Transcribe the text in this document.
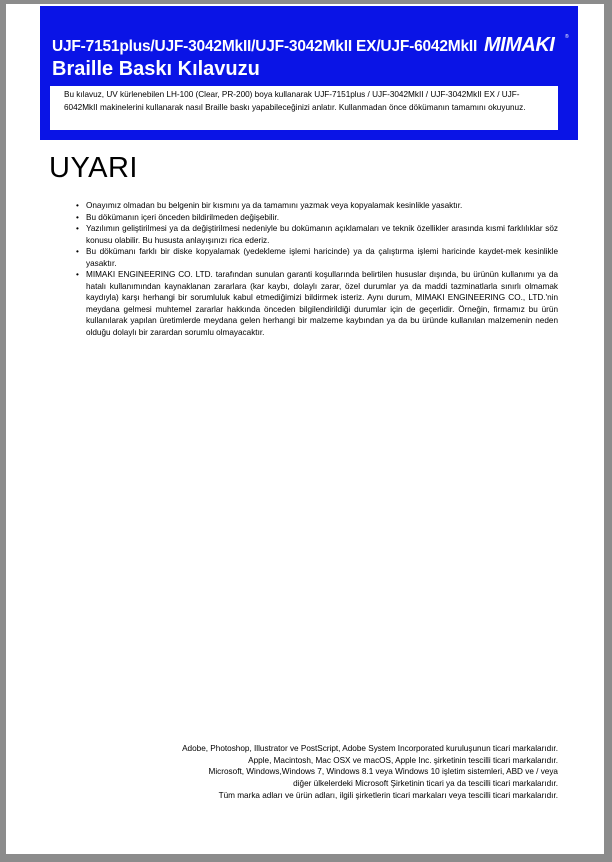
UJF-7151plus/UJF-3042MkII/UJF-3042MkII EX/UJF-6042MkII
Braille Baskı Kılavuzu
MIMAKI ®
Bu kılavuz, UV kürlenebilen LH-100 (Clear, PR-200) boya kullanarak UJF-7151plus / UJF-3042MkII / UJF-3042MkII EX / UJF-6042MkII makinelerini kullanarak nasıl Braille baskı yapabileceğinizi anlatır. Kullanmadan önce dökümanın tamamını okuyunuz.
UYARI
• Onayımız olmadan bu belgenin bir kısmını ya da tamamını yazmak veya kopyalamak kesinlikle yasaktır.
• Bu dökümanın içeri önceden bildirilmeden değişebilir.
• Yazılımın geliştirilmesi ya da değiştirilmesi nedeniyle bu dokümanın açıklamaları ve teknik özellikler arasında kısmi farklılıklar söz konusu olabilir. Bu hususta anlayışınızı rica ederiz.
• Bu dökümanı farklı bir diske kopyalamak (yedekleme işlemi haricinde) ya da çalıştırma işlemi haricinde kaydet-mek kesinlikle yasaktır.
• MIMAKI ENGINEERING CO. LTD. tarafından sunulan garanti koşullarında belirtilen hususlar dışında, bu ürünün kullanımı ya da hatalı kullanımından kaynaklanan zararlara (kar kaybı, dolaylı zarar, özel durumlar ya da maddi tazminatlarla sınırlı olmamak kaydıyla) karşı herhangi bir sorumluluk kabul etmediğimizi bildirmek isteriz. Aynı durum, MIMAKI ENGINEERING CO., LTD.'nin meydana gelmesi muhtemel zararlar hakkında önceden bilgilendirildiği durumlar için de geçerlidir. Örneğin, firmamız bu ürün kullanılarak yapılan üretimlerde meydana gelen herhangi bir malzeme kaybından ya da bu üründe kullanılan malzemenin neden olduğu dolaylı bir zarardan sorumlu olmayacaktır.

Adobe, Photoshop, Illustrator ve PostScript, Adobe System Incorporated kuruluşunun ticari markalarıdır.

Apple, Macintosh, Mac OSX ve macOS, Apple Inc. şirketinin tescilli ticari markalarıdır.

Microsoft, Windows,Windows 7, Windows 8.1 veya Windows 10 işletim sistemleri, ABD ve / veya

diğer ülkelerdeki Microsoft Şirketinin ticari ya da tescilli ticari markalarıdır.

Tüm marka adları ve ürün adları, ilgili şirketlerin ticari markaları veya tescilli ticari markalarıdır.
